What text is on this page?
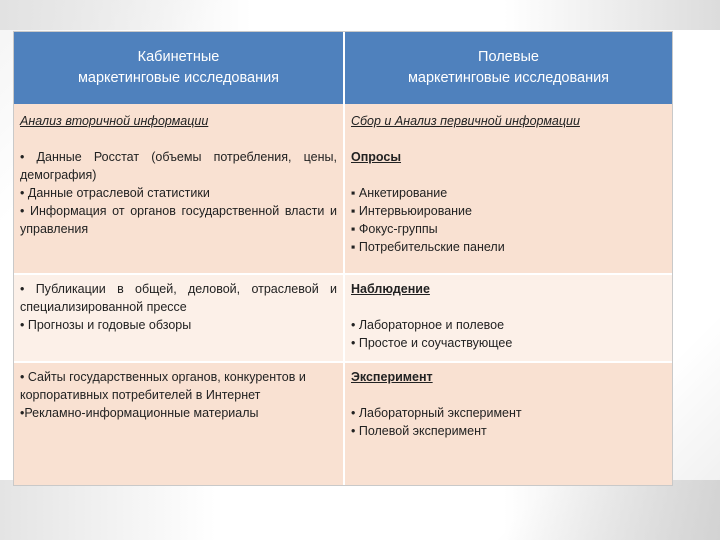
Кабинетные
маркетинговые исследования
Полевые
маркетинговые исследования
Анализ вторичной информации
• Данные Росстат (объемы потребления, цены, демография)
• Данные отраслевой статистики
• Информация от органов государственной власти и управления
Сбор и Анализ первичной информации
Опросы
▪ Анкетирование
▪ Интервьюирование
▪ Фокус-группы
▪ Потребительские панели
• Публикации в общей, деловой, отраслевой и специализированной прессе
• Прогнозы и годовые обзоры
Наблюдение
• Лабораторное и полевое
• Простое и соучаствующее
• Сайты государственных органов, конкурентов и корпоративных потребителей в Интернет
•Рекламно-информационные материалы
Эксперимент
• Лабораторный эксперимент
• Полевой эксперимент
